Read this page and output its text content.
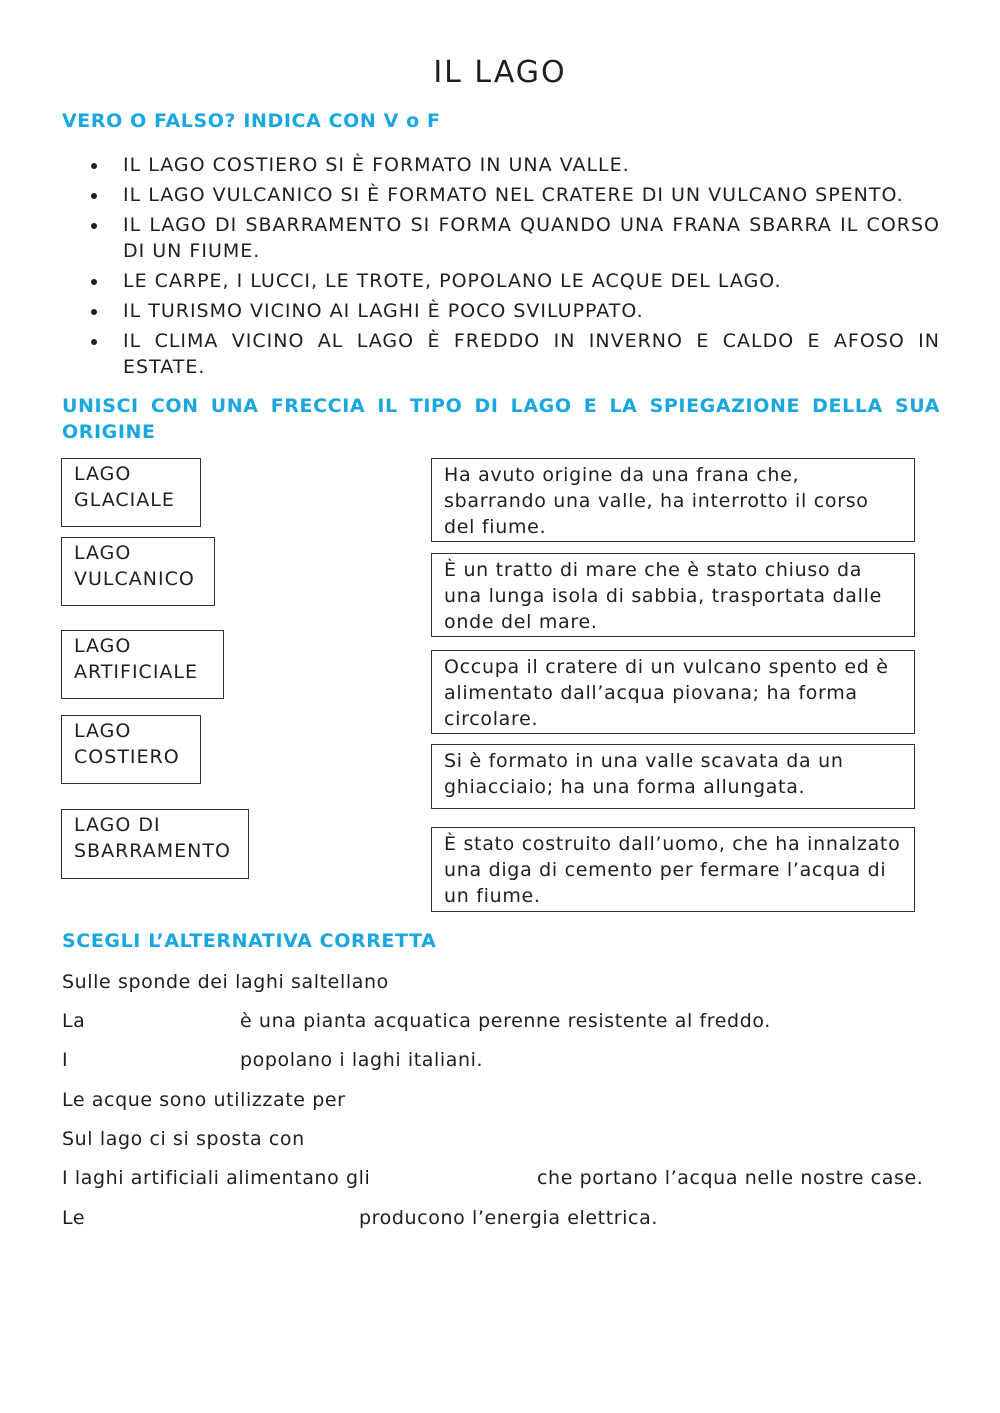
IL LAGO
VERO O FALSO? INDICA CON V o F
IL LAGO COSTIERO SI È FORMATO IN UNA VALLE.
IL LAGO VULCANICO SI È FORMATO NEL CRATERE DI UN VULCANO SPENTO.
IL LAGO DI SBARRAMENTO SI FORMA QUANDO UNA FRANA SBARRA IL CORSO DI UN FIUME.
LE CARPE, I LUCCI, LE TROTE, POPOLANO LE ACQUE DEL LAGO.
IL TURISMO VICINO AI LAGHI È POCO SVILUPPATO.
IL CLIMA VICINO AL LAGO È FREDDO IN INVERNO E CALDO E AFOSO IN ESTATE.
UNISCI CON UNA FRECCIA IL TIPO DI LAGO E LA SPIEGAZIONE DELLA SUA ORIGINE
LAGO GLACIALE
LAGO VULCANICO
LAGO ARTIFICIALE
LAGO COSTIERO
LAGO DI SBARRAMENTO
Ha avuto origine da una frana che, sbarrando una valle, ha interrotto il corso del fiume.
È un tratto di mare che è stato chiuso da una lunga isola di sabbia, trasportata dalle onde del mare.
Occupa il cratere di un vulcano spento ed è alimentato dall’acqua piovana; ha forma circolare.
Si è formato in una valle scavata da un ghiacciaio; ha una forma allungata.
È stato costruito dall’uomo, che ha innalzato una diga di cemento per fermare l’acqua di un fiume.
SCEGLI L’ALTERNATIVA CORRETTA
Sulle sponde dei laghi saltellano
La	è una pianta acquatica perenne resistente al freddo.
I	popolano i laghi italiani.
Le acque sono utilizzate per
Sul lago ci si sposta con
I laghi artificiali alimentano gli	che portano l’acqua nelle nostre case.
Le	producono l’energia elettrica.
